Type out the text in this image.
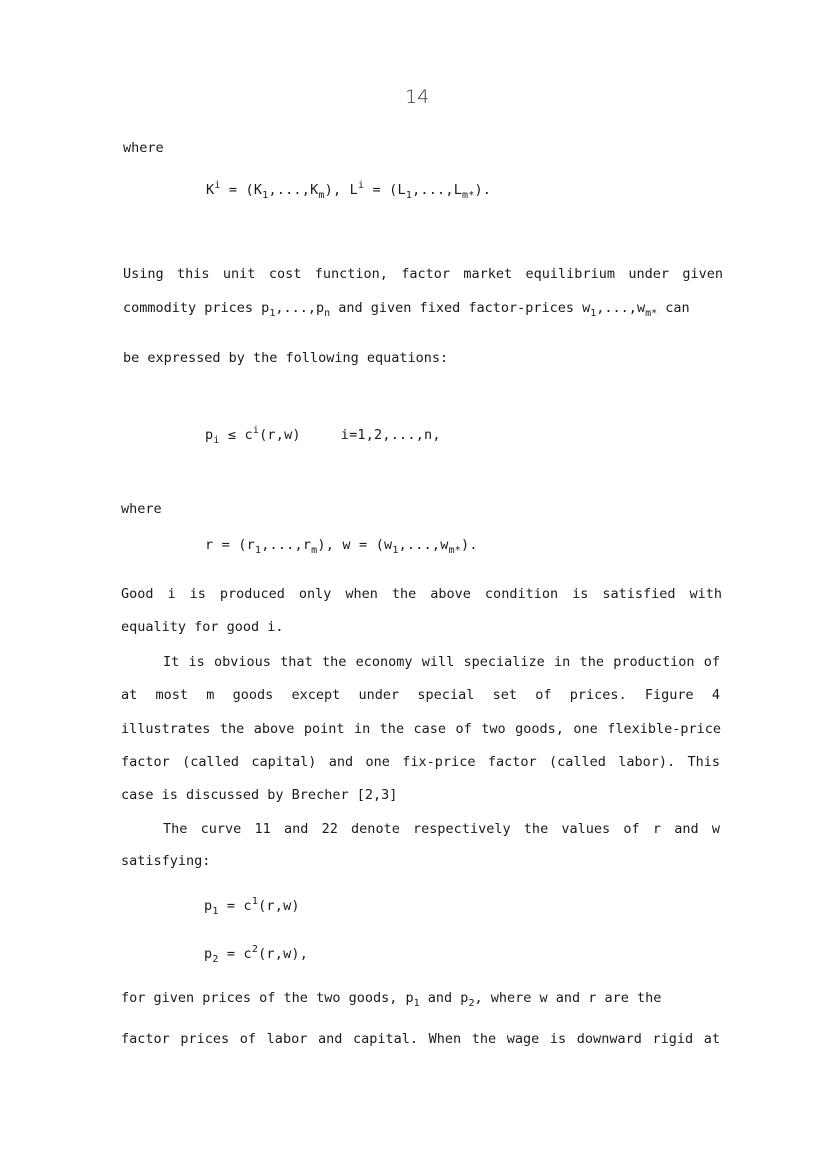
14
where
$K^i = (K_1,...,K_m)$, $L^i = (L_1,...,L_{m*})$.
Using this unit cost function, factor market equilibrium under given
commodity prices $p_1,...,p_n$ and given fixed factor-prices $w_1,...,w_{m*}$ can
be expressed by the following equations:
$p_i \le c^i(r,w)$	i=1,2,...,n,
where
$r = (r_1,...,r_m)$, $w = (w_1,...,w_{m*})$.
Good i is produced only when the above condition is satisfied with
equality for good i.
It is obvious that the economy will specialize in the production of
at most m goods except under special set of prices. Figure 4
illustrates the above point in the case of two goods, one flexible-price
factor (called capital) and one fix-price factor (called labor). This
case is discussed by Brecher [2,3]
The curve 11 and 22 denote respectively the values of r and w
satisfying:
$p_1 = c^1(r,w)$
$p_2 = c^2(r,w)$,
for given prices of the two goods, $p_1$ and $p_2$, where w and r are the
factor prices of labor and capital. When the wage is downward rigid at
